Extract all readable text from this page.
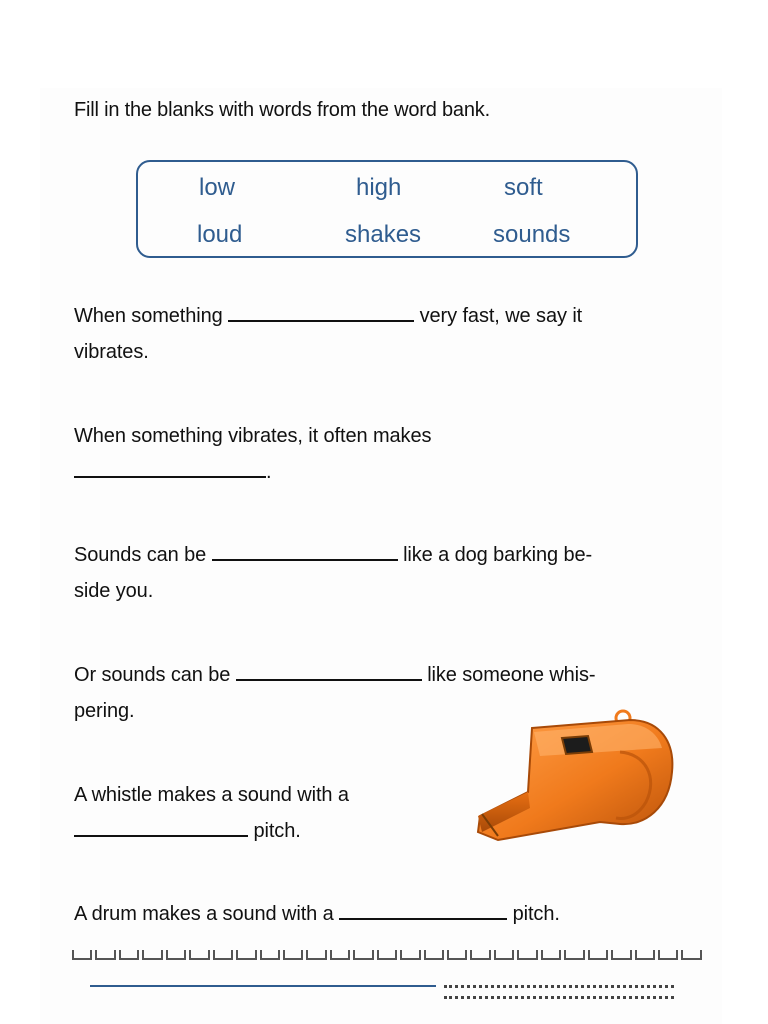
Fill in the blanks with words from the word bank.
low	high	soft
loud	shakes	sounds
When something	very fast, we say it
vibrates.
When something vibrates, it often makes
.
Sounds can be	like a dog barking be-
side you.
Or sounds can be	like someone whis-
pering.
A whistle makes a sound with a
pitch.
A drum makes a sound with a	pitch.
